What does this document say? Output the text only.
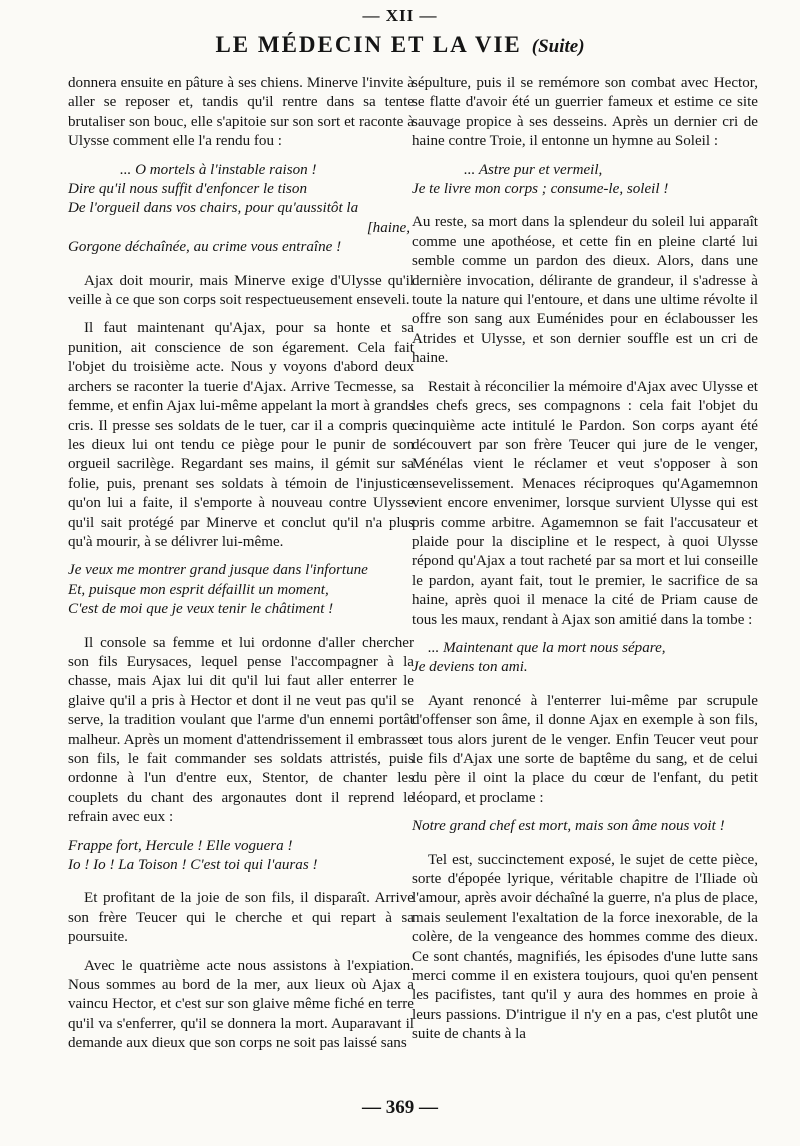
— XII —
LE MÉDECIN ET LA VIE (Suite)

donnera ensuite en pâture à ses chiens. Minerve l'invite à aller se reposer et, tandis qu'il rentre dans sa tente brutaliser son bouc, elle s'apitoie sur son sort et raconte à Ulysse comment elle l'a rendu fou :

... O mortels à l'instable raison !
Dire qu'il nous suffit d'enfoncer le tison
De l'orgueil dans vos chairs, pour qu'aussitôt la
[haine,
Gorgone déchaînée, au crime vous entraîne !

Ajax doit mourir, mais Minerve exige d'Ulysse qu'il veille à ce que son corps soit respectueusement enseveli.

Il faut maintenant qu'Ajax, pour sa honte et sa punition, ait conscience de son égarement. Cela fait l'objet du troisième acte. Nous y voyons d'abord deux archers se raconter la tuerie d'Ajax. Arrive Tecmesse, sa femme, et enfin Ajax lui-même appelant la mort à grands cris. Il presse ses soldats de le tuer, car il a compris que les dieux lui ont tendu ce piège pour le punir de son orgueil sacrilège. Regardant ses mains, il gémit sur sa folie, puis, prenant ses soldats à témoin de l'injustice qu'on lui a faite, il s'emporte à nouveau contre Ulysse qu'il sait protégé par Minerve et conclut qu'il n'a plus qu'à mourir, à se délivrer lui-même.

Je veux me montrer grand jusque dans l'infortune
Et, puisque mon esprit défaillit un moment,
C'est de moi que je veux tenir le châtiment !

Il console sa femme et lui ordonne d'aller chercher son fils Eurysaces, lequel pense l'accompagner à la chasse, mais Ajax lui dit qu'il lui faut aller enterrer le glaive qu'il a pris à Hector et dont il ne veut pas qu'il se serve, la tradition voulant que l'arme d'un ennemi portât malheur. Après un moment d'attendrissement il embrasse son fils, le fait commander ses soldats attristés, puis ordonne à l'un d'entre eux, Stentor, de chanter les couplets du chant des argonautes dont il reprend le refrain avec eux :

Frappe fort, Hercule ! Elle voguera !
Io ! Io ! La Toison ! C'est toi qui l'auras !

Et profitant de la joie de son fils, il disparaît. Arrive son frère Teucer qui le cherche et qui repart à sa poursuite.

Avec le quatrième acte nous assistons à l'expiation. Nous sommes au bord de la mer, aux lieux où Ajax a vaincu Hector, et c'est sur son glaive même fiché en terre qu'il va s'enferrer, qu'il se donnera la mort. Auparavant il demande aux dieux que son corps ne soit pas laissé sans

sépulture, puis il se remémore son combat avec Hector, se flatte d'avoir été un guerrier fameux et estime ce site sauvage propice à ses desseins. Après un dernier cri de haine contre Troie, il entonne un hymne au Soleil :

... Astre pur et vermeil,
Je te livre mon corps ; consume-le, soleil !

Au reste, sa mort dans la splendeur du soleil lui apparaît comme une apothéose, et cette fin en pleine clarté lui semble comme un pardon des dieux. Alors, dans une dernière invocation, délirante de grandeur, il s'adresse à toute la nature qui l'entoure, et dans une ultime révolte il offre son sang aux Euménides pour en éclabousser les Atrides et Ulysse, et son dernier souffle est un cri de haine.

Restait à réconcilier la mémoire d'Ajax avec Ulysse et les chefs grecs, ses compagnons : cela fait l'objet du cinquième acte intitulé le Pardon. Son corps ayant été découvert par son frère Teucer qui jure de le venger, Ménélas vient le réclamer et veut s'opposer à son ensevelissement. Menaces réciproques qu'Agamemnon vient encore envenimer, lorsque survient Ulysse qui est pris comme arbitre. Agamemnon se fait l'accusateur et plaide pour la discipline et le respect, à quoi Ulysse répond qu'Ajax a tout racheté par sa mort et lui conseille le pardon, ayant fait, tout le premier, le sacrifice de sa haine, après quoi il menace la cité de Priam cause de tous les maux, rendant à Ajax son amitié dans la tombe :

... Maintenant que la mort nous sépare,
Je deviens ton ami.

Ayant renoncé à l'enterrer lui-même par scrupule d'offenser son âme, il donne Ajax en exemple à son fils, et tous alors jurent de le venger. Enfin Teucer veut pour le fils d'Ajax une sorte de baptême du sang, et de celui du père il oint la place du cœur de l'enfant, du petit léopard, et proclame :

Notre grand chef est mort, mais son âme nous voit !

Tel est, succinctement exposé, le sujet de cette pièce, sorte d'épopée lyrique, véritable chapitre de l'Iliade où l'amour, après avoir déchaîné la guerre, n'a plus de place, mais seulement l'exaltation de la force inexorable, de la colère, de la vengeance des hommes comme des dieux. Ce sont chantés, magnifiés, les épisodes d'une lutte sans merci comme il en existera toujours, quoi qu'en pensent les pacifistes, tant qu'il y aura des hommes en proie à leurs passions. D'intrigue il n'y en a pas, c'est plutôt une suite de chants à la

— 369 —
